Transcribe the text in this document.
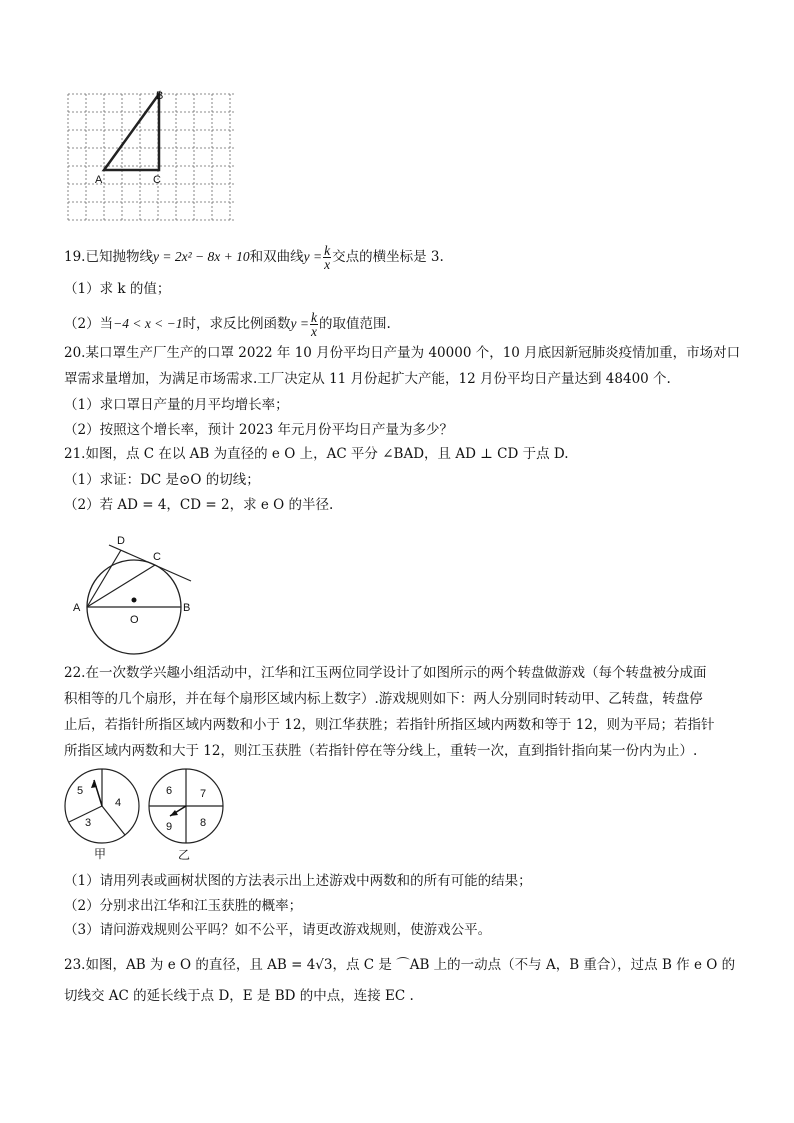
A
B
C
19.已知抛物线y = 2x² − 8x + 10和双曲线$y = \frac{k}{x}$ 交点的横坐标是 3.
（1）求 k 的值；
（2）当−4 < x < −1时，求反比例函数$y = \frac{k}{x}$ 的取值范围.
20.某口罩生产厂生产的口罩 2022 年 10 月份平均日产量为 40000 个，10 月底因新冠肺炎疫情加重，市场对口
罩需求量增加，为满足市场需求.工厂决定从 11 月份起扩大产能，12 月份平均日产量达到 48400 个.
（1）求口罩日产量的月平均增长率；
（2）按照这个增长率，预计 2023 年元月份平均日产量为多少？
21.如图，点 C 在以 AB 为直径的 e O 上，AC 平分 ∠BAD，且 AD ⊥ CD 于点 D.
（1）求证：DC 是⊙O 的切线；
（2）若 AD = 4，CD = 2，求 e O 的半径.
D
C
A
O
B
22.在一次数学兴趣小组活动中，江华和江玉两位同学设计了如图所示的两个转盘做游戏（每个转盘被分成面
积相等的几个扇形，并在每个扇形区域内标上数字）.游戏规则如下：两人分别同时转动甲、乙转盘，转盘停
止后，若指针所指区域内两数和小于 12，则江华获胜；若指针所指区域内两数和等于 12，则为平局；若指针
所指区域内两数和大于 12，则江玉获胜（若指针停在等分线上，重转一次，直到指针指向某一份内为止）.
5
4
3
甲
6	7
9	8
乙
（1）请用列表或画树状图的方法表示出上述游戏中两数和的所有可能的结果；
（2）分别求出江华和江玉获胜的概率；
（3）请问游戏规则公平吗？如不公平，请更改游戏规则，使游戏公平。
23.如图，AB 为 e O 的直径，且 AB = 4√3，点 C 是 ⌒AB 上的一动点（不与 A，B 重合），过点 B 作 e O 的
切线交 AC 的延长线于点 D，E 是 BD 的中点，连接 EC .
